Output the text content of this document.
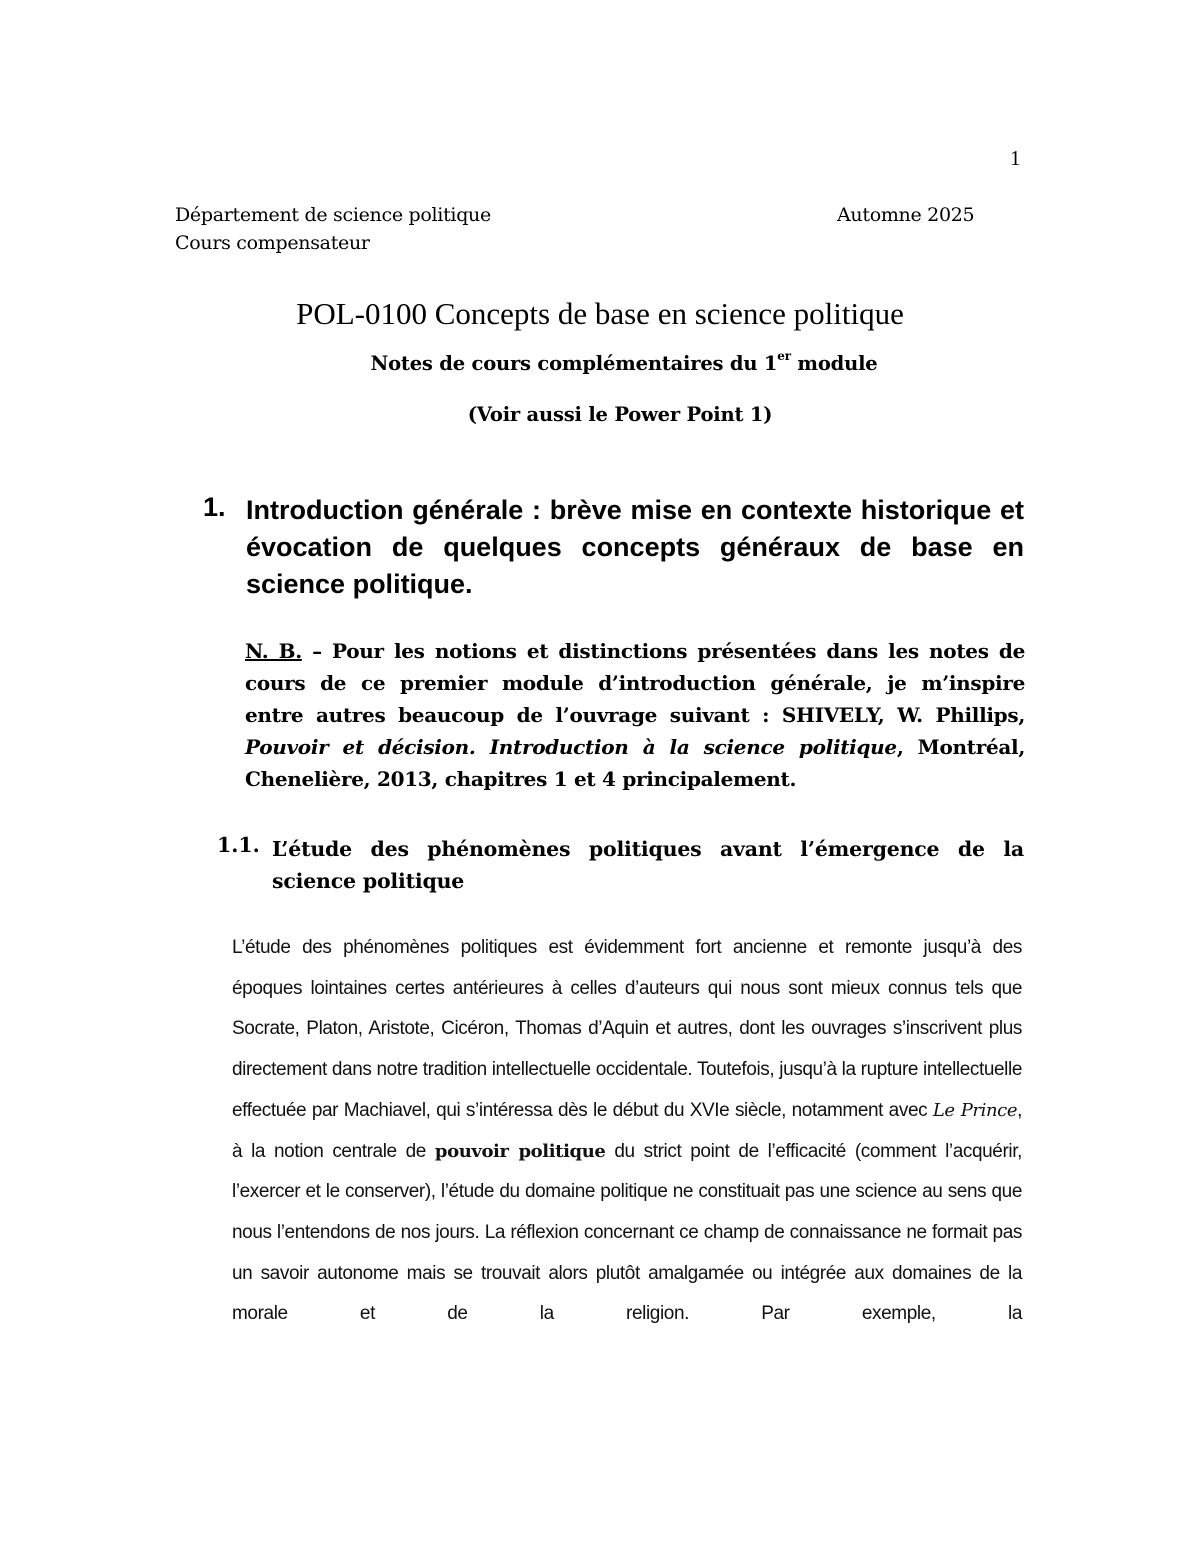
1
Département de science politique
Cours compensateur
Automne 2025
POL-0100 Concepts de base en science politique
Notes de cours complémentaires du 1er module
(Voir aussi le Power Point 1)
1. Introduction générale : brève mise en contexte historique et évocation de quelques concepts généraux de base en science politique.
N. B. – Pour les notions et distinctions présentées dans les notes de cours de ce premier module d’introduction générale, je m’inspire entre autres beaucoup de l’ouvrage suivant : SHIVELY, W. Phillips, Pouvoir et décision. Introduction à la science politique, Montréal, Chenelière, 2013, chapitres 1 et 4 principalement.
1.1. L’étude des phénomènes politiques avant l’émergence de la science politique
L’étude des phénomènes politiques est évidemment fort ancienne et remonte jusqu’à des époques lointaines certes antérieures à celles d’auteurs qui nous sont mieux connus tels que Socrate, Platon, Aristote, Cicéron, Thomas d’Aquin et autres, dont les ouvrages s’inscrivent plus directement dans notre tradition intellectuelle occidentale. Toutefois, jusqu’à la rupture intellectuelle effectuée par Machiavel, qui s’intéressa dès le début du XVIe siècle, notamment avec Le Prince, à la notion centrale de pouvoir politique du strict point de l’efficacité (comment l’acquérir, l’exercer et le conserver), l’étude du domaine politique ne constituait pas une science au sens que nous l’entendons de nos jours. La réflexion concernant ce champ de connaissance ne formait pas un savoir autonome mais se trouvait alors plutôt amalgamée ou intégrée aux domaines de la morale et de la religion. Par exemple, la
